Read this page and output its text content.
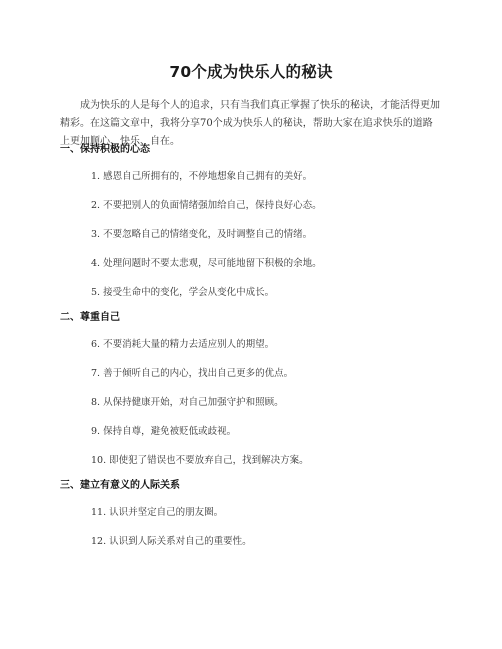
70个成为快乐人的秘诀
成为快乐的人是每个人的追求，只有当我们真正掌握了快乐的秘诀，才能活得更加精彩。在这篇文章中，我将分享70个成为快乐人的秘诀，帮助大家在追求快乐的道路上更加顺心、快乐、自在。
一、保持积极的心态
1. 感恩自己所拥有的，不停地想象自己拥有的美好。
2. 不要把别人的负面情绪强加给自己，保持良好心态。
3. 不要忽略自己的情绪变化，及时调整自己的情绪。
4. 处理问题时不要太悲观，尽可能地留下积极的余地。
5. 接受生命中的变化，学会从变化中成长。
二、尊重自己
6. 不要消耗大量的精力去适应别人的期望。
7. 善于倾听自己的内心，找出自己更多的优点。
8. 从保持健康开始，对自己加强守护和照顾。
9. 保持自尊，避免被贬低或歧视。
10. 即使犯了错误也不要放弃自己，找到解决方案。
三、建立有意义的人际关系
11. 认识并坚定自己的朋友圈。
12. 认识到人际关系对自己的重要性。
